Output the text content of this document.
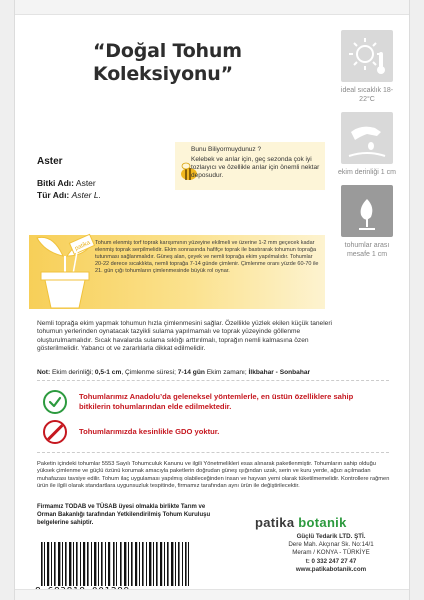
“Doğal Tohum Koleksiyonu”
ideal sıcaklık 18-22°C
ekim derinliği 1 cm
tohumlar arası mesafe 1 cm
Aster
Bitki Adı: Aster
Tür Adı: Aster L.
Bunu Biliyormuydunuz ?
Kelebek ve arılar için, geç sezonda çok iyi tozlaıyıcı ve özellikle arılar için önemli nektar deposudur.
patika Tohum elenmiş torf toprak karışımının yüzeyine ekilmeli ve üzerine 1-2 mm geçecek kadar elenmiş toprak serpilmelidir. Ekim sonrasında hafifçe toprak ile bastırarak tohumun toprağa tutunması sağlanmalıdır. Güneş alan, çeyek ve nemli toprağa ekim yapılmalıdır. Tohumlar 20-22 derece sıcaklıkta, nemli toprağa 7-14 günde çimlenir. Çimlenme oranı yüzde 60-70 ile 21. gün çığı tohumların çimlenmesinde büyük rol oynar.
Nemli toprağa ekim yapmak tohumun hızla çimlenmesini sağlar. Özellikle yüzlek ekilen küçük taneleri tohumun yerlerinden oynatacak tazyikli sulama yapılmamalı ve toprak yüzeyinde göllenme oluşturulmamalıdır. Sıcak havalarda sulama sıklığı arttırılmalı, toprağın nemli kalmasına özen gösterilmelidir. Yabancı ot ve zararlılarla dikkat edilmelidir.
Not: Ekim derinliği; 0,5-1 cm, Çimlenme süresi; 7-14 gün Ekim zamanı; İlkbahar - Sonbahar
Tohumlarımız Anadolu’da geleneksel yöntemlerle, en üstün özelliklere sahip bitkilerin tohumlarından elde edilmektedir.
Tohumlarımızda kesinlikle GDO yoktur.
Paketin içindeki tohumlar 5553 Sayılı Tohumculuk Kanunu ve ilgili Yönetmelikleri esas alınarak paketlenmiştir. Tohumların sahip olduğu yüksek çimlenme ve güçlü özünü korumak amacıyla paketlerin doğrudan güneş ışığından uzak, serin ve kuru yerde, ağızı açılmadan muhafazası tavsiye edilir. Tohum ilaç uygulaması yapılmış olabileceğinden insan ve hayvan yemi olarak tüketilmemelidir. Kontrollere rağmen ürün ile ilgili olarak standartlara uygunsuzluk tespitinde, firmamız tarafından aynı ürün ile değiştirilecektir.
Firmamız TODAB ve TÜSAB üyesi olmakla birlikte Tarım ve Orman Bakanlığı tarafından Yetkilendirilmiş Tohum Kuruluşu belgelerine sahiptir.	patika botanik
Güçlü Tedarik LTD. ŞTİ.
Dere Mah. Akçınar Sk. No:14/1
Meram / KONYA - TÜRKİYE
t: 0 332 247 27 47
www.patikabotanik.com
